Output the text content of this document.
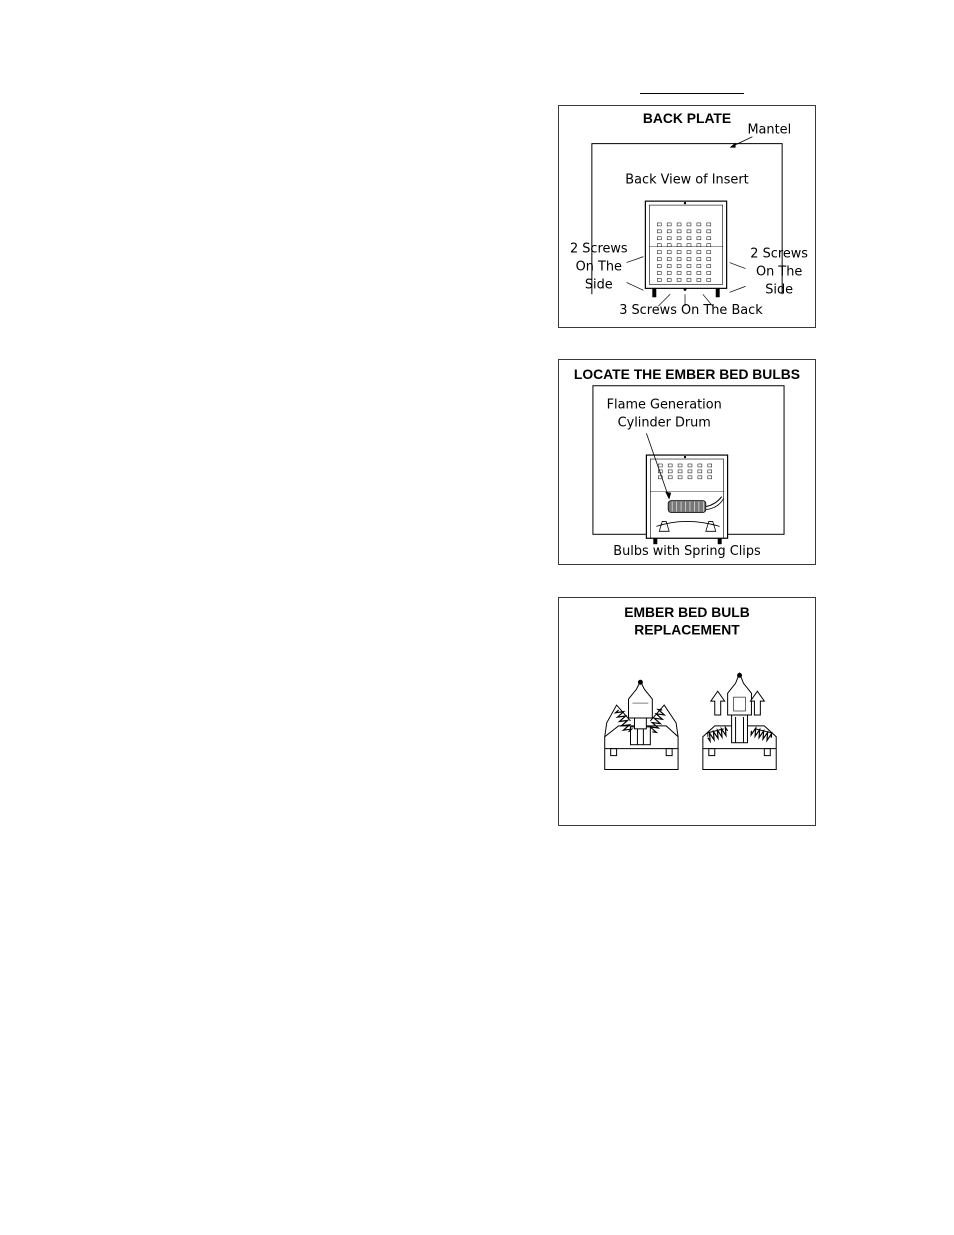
BACK PLATE
Mantel
Back View of Insert
2 Screws
On The
Side
2 Screws
On The
Side
3 Screws On The Back
LOCATE THE EMBER BED BULBS
Flame Generation
Cylinder Drum
Bulbs with Spring Clips
EMBER BED BULB
REPLACEMENT
